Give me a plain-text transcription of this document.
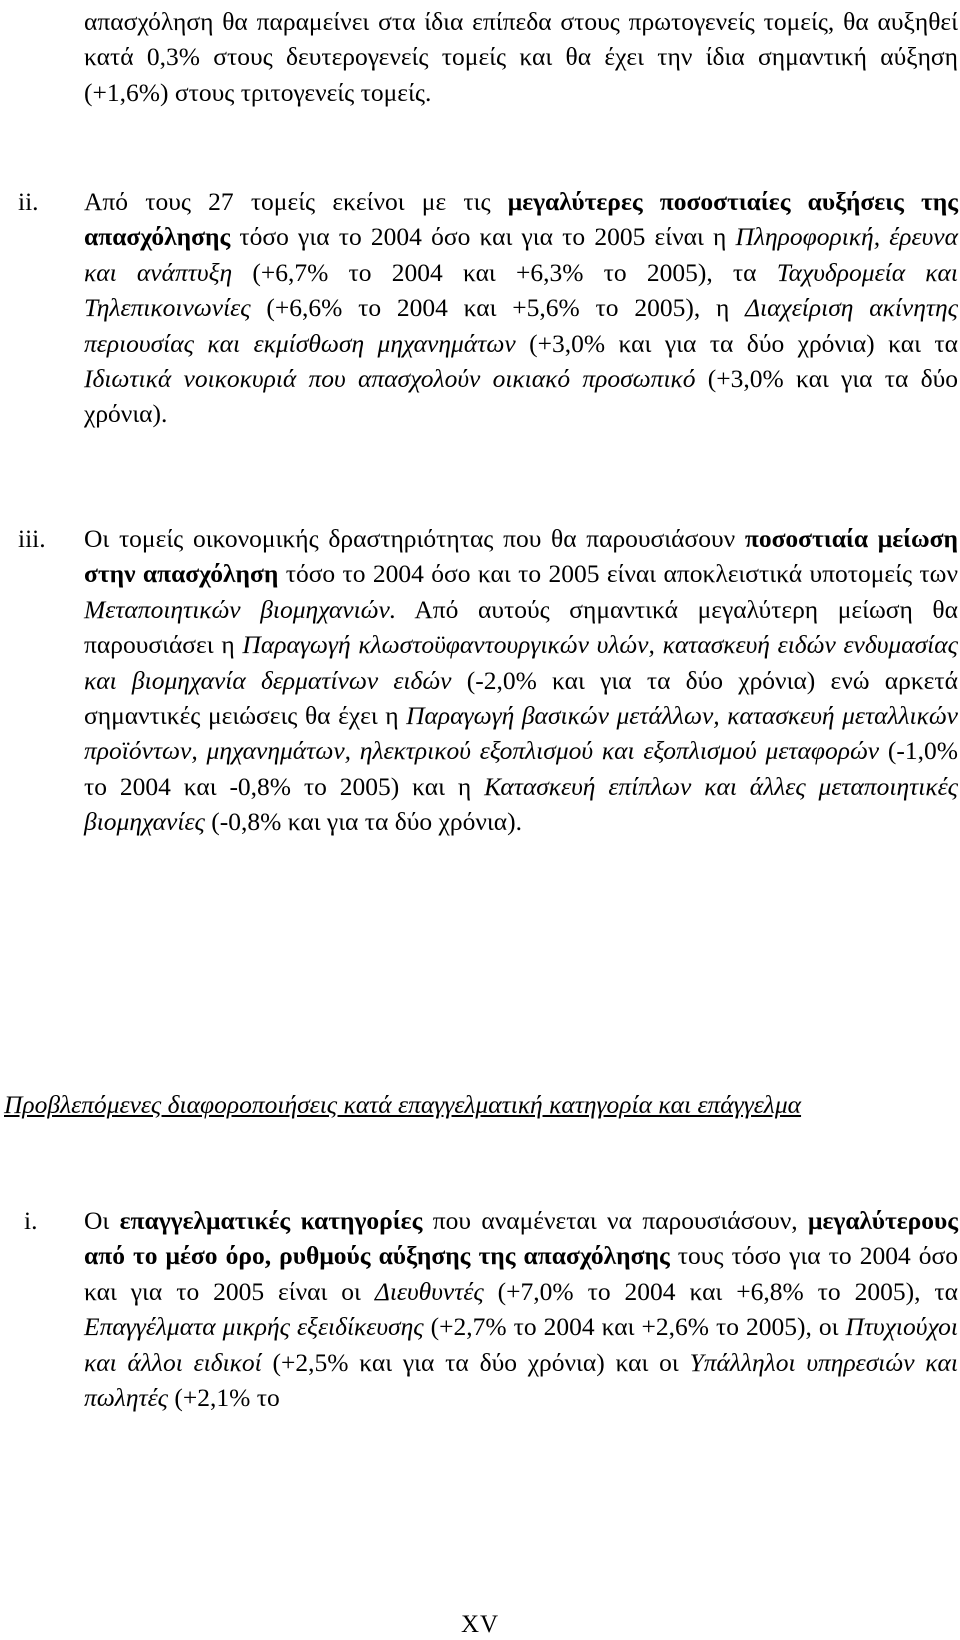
απασχόληση θα παραμείνει στα ίδια επίπεδα στους πρωτογενείς τομείς, θα αυξηθεί κατά 0,3% στους δευτερογενείς τομείς και θα έχει την ίδια σημαντική αύξηση (+1,6%) στους τριτογενείς τομείς.
ii. Από τους 27 τομείς εκείνοι με τις μεγαλύτερες ποσοστιαίες αυξήσεις της απασχόλησης τόσο για το 2004 όσο και για το 2005 είναι η Πληροφορική, έρευνα και ανάπτυξη (+6,7% το 2004 και +6,3% το 2005), τα Ταχυδρομεία και Τηλεπικοινωνίες (+6,6% το 2004 και +5,6% το 2005), η Διαχείριση ακίνητης περιουσίας και εκμίσθωση μηχανημάτων (+3,0% και για τα δύο χρόνια) και τα Ιδιωτικά νοικοκυριά που απασχολούν οικιακό προσωπικό (+3,0% και για τα δύο χρόνια).
iii. Οι τομείς οικονομικής δραστηριότητας που θα παρουσιάσουν ποσοστιαία μείωση στην απασχόληση τόσο το 2004 όσο και το 2005 είναι αποκλειστικά υποτομείς των Μεταποιητικών βιομηχανιών. Από αυτούς σημαντικά μεγαλύτερη μείωση θα παρουσιάσει η Παραγωγή κλωστοϋφαντουργικών υλών, κατασκευή ειδών ενδυμασίας και βιομηχανία δερματίνων ειδών (-2,0% και για τα δύο χρόνια) ενώ αρκετά σημαντικές μειώσεις θα έχει η Παραγωγή βασικών μετάλλων, κατασκευή μεταλλικών προϊόντων, μηχανημάτων, ηλεκτρικού εξοπλισμού και εξοπλισμού μεταφορών (-1,0% το 2004 και -0,8% το 2005) και η Κατασκευή επίπλων και άλλες μεταποιητικές βιομηχανίες (-0,8% και για τα δύο χρόνια).
Προβλεπόμενες διαφοροποιήσεις κατά επαγγελματική κατηγορία και επάγγελμα
i. Οι επαγγελματικές κατηγορίες που αναμένεται να παρουσιάσουν, μεγαλύτερους από το μέσο όρο, ρυθμούς αύξησης της απασχόλησης τους τόσο για το 2004 όσο και για το 2005 είναι οι Διευθυντές (+7,0% το 2004 και +6,8% το 2005), τα Επαγγέλματα μικρής εξειδίκευσης (+2,7% το 2004 και +2,6% το 2005), οι Πτυχιούχοι και άλλοι ειδικοί (+2,5% και για τα δύο χρόνια) και οι Υπάλληλοι υπηρεσιών και πωλητές (+2,1% το
XV
